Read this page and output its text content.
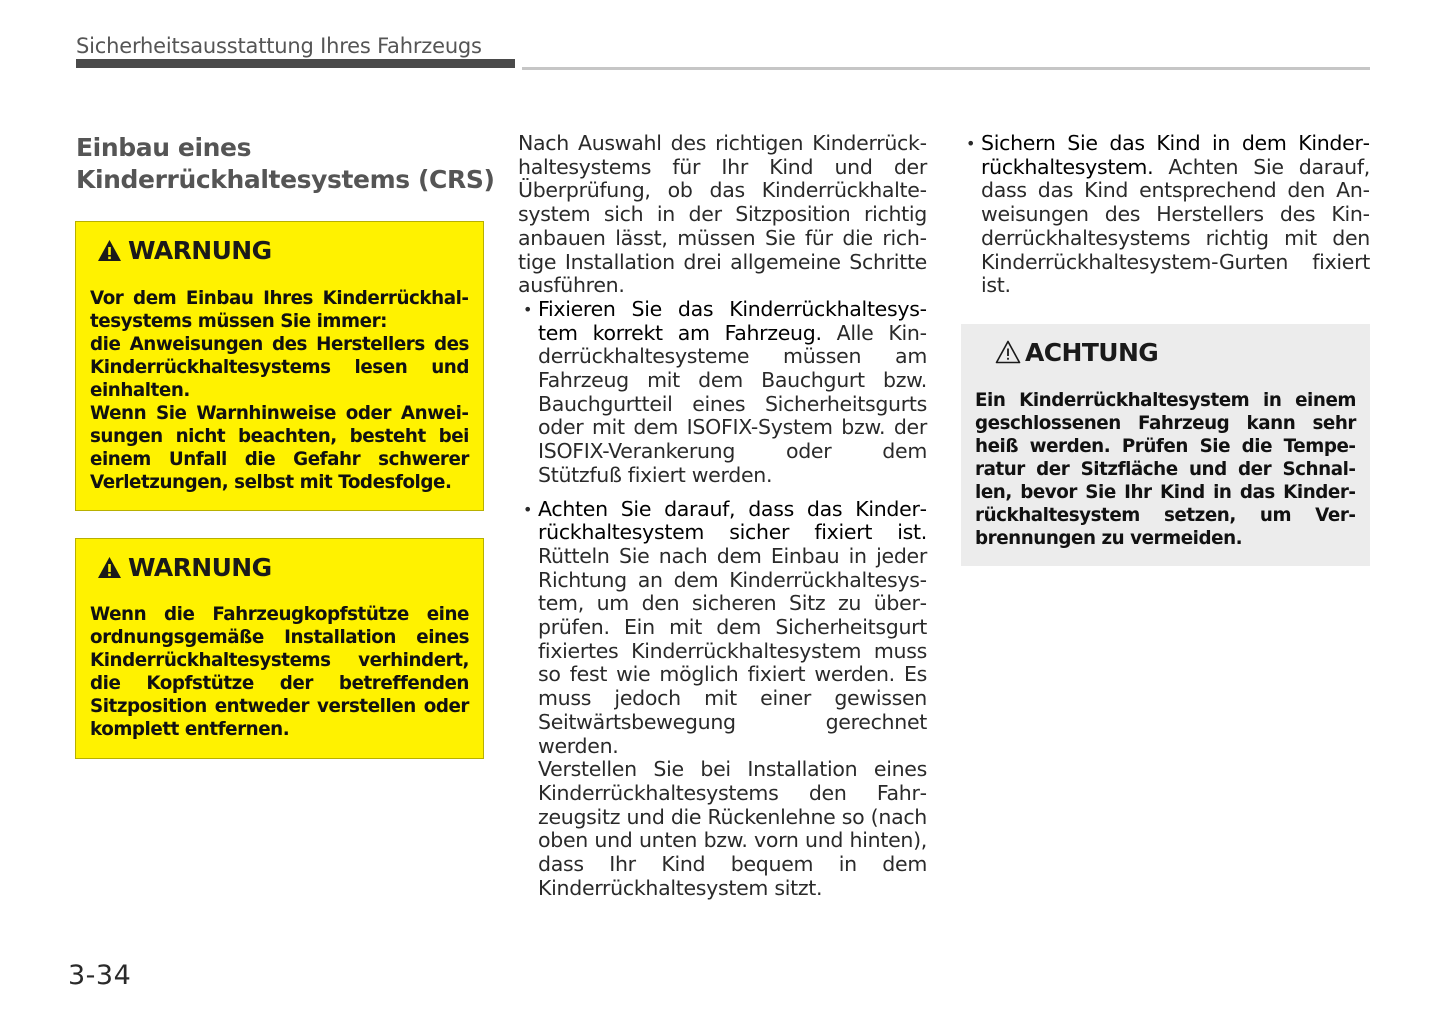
Sicherheitsausstattung Ihres Fahrzeugs
Einbau eines
Kinderrückhaltesystems (CRS)
WARNUNG

Vor dem Einbau Ihres Kinderrückhaltesystems müssen Sie immer:

die Anweisungen des Herstellers des Kinderrückhaltesystems lesen und einhalten.

Wenn Sie Warnhinweise oder Anweisungen nicht beachten, besteht bei einem Unfall die Gefahr schwerer Verletzungen, selbst mit Todesfolge.

WARNUNG

Wenn die Fahrzeugkopfstütze eine ordnungsgemäße Installation eines Kinderrückhaltesystems verhindert, die Kopfstütze der betreffenden Sitzposition entweder verstellen oder komplett entfernen.

Nach Auswahl des richtigen Kinderrückhaltesystems für Ihr Kind und der Überprüfung, ob das Kinderrückhaltesystem sich in der Sitzposition richtig anbauen lässt, müssen Sie für die richtige Installation drei allgemeine Schritte ausführen.

• Fixieren Sie das Kinderrückhaltesystem korrekt am Fahrzeug. Alle Kinderrückhaltesysteme müssen am Fahrzeug mit dem Bauchgurt bzw. Bauchgurtteil eines Sicherheitsgurts oder mit dem ISOFIX-System bzw. der ISOFIX-Verankerung oder dem Stützfuß fixiert werden.

• Achten Sie darauf, dass das Kinderrückhaltesystem sicher fixiert ist. Rütteln Sie nach dem Einbau in jeder Richtung an dem Kinderrückhaltesystem, um den sicheren Sitz zu überprüfen. Ein mit dem Sicherheitsgurt fixiertes Kinderrückhaltesystem muss so fest wie möglich fixiert werden. Es muss jedoch mit einer gewissen Seitwärtsbewegung gerechnet werden.

Verstellen Sie bei Installation eines Kinderrückhaltesystems den Fahrzeugsitz und die Rückenlehne so (nach oben und unten bzw. vorn und hinten), dass Ihr Kind bequem in dem Kinderrückhaltesystem sitzt.

• Sichern Sie das Kind in dem Kinderrückhaltesystem. Achten Sie darauf, dass das Kind entsprechend den Anweisungen des Herstellers des Kinderrückhaltesystems richtig mit den Kinderrückhaltesystem-Gurten fixiert ist.

ACHTUNG

Ein Kinderrückhaltesystem in einem geschlossenen Fahrzeug kann sehr heiß werden. Prüfen Sie die Temperatur der Sitzfläche und der Schnallen, bevor Sie Ihr Kind in das Kinderrückhaltesystem setzen, um Verbrennungen zu vermeiden.

3-34
